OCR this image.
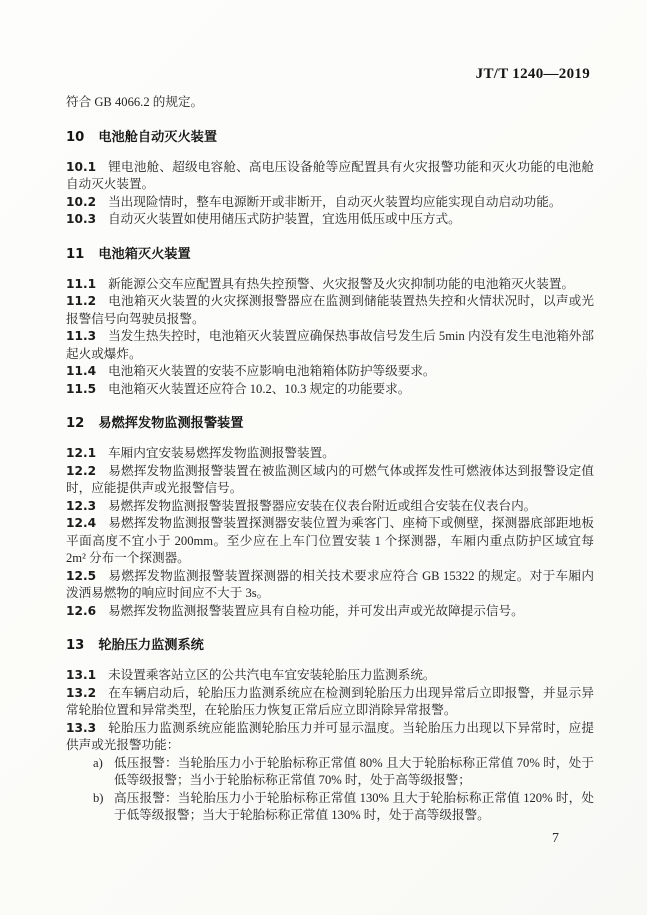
JT/T 1240—2019

符合 GB 4066.2 的规定。

10 电池舱自动灭火装置

10.1 锂电池舱、超级电容舱、高电压设备舱等应配置具有火灾报警功能和灭火功能的电池舱自动灭火装置。

10.2 当出现险情时，整车电源断开或非断开，自动灭火装置均应能实现自动启动功能。

10.3 自动灭火装置如使用储压式防护装置，宜选用低压或中压方式。

11 电池箱灭火装置

11.1 新能源公交车应配置具有热失控预警、火灾报警及火灾抑制功能的电池箱灭火装置。

11.2 电池箱灭火装置的火灾探测报警器应在监测到储能装置热失控和火情状况时，以声或光报警信号向驾驶员报警。

11.3 当发生热失控时，电池箱灭火装置应确保热事故信号发生后 5min 内没有发生电池箱外部起火或爆炸。

11.4 电池箱灭火装置的安装不应影响电池箱箱体防护等级要求。

11.5 电池箱灭火装置还应符合 10.2、10.3 规定的功能要求。

12 易燃挥发物监测报警装置

12.1 车厢内宜安装易燃挥发物监测报警装置。

12.2 易燃挥发物监测报警装置在被监测区域内的可燃气体或挥发性可燃液体达到报警设定值时，应能提供声或光报警信号。

12.3 易燃挥发物监测报警装置报警器应安装在仪表台附近或组合安装在仪表台内。

12.4 易燃挥发物监测报警装置探测器安装位置为乘客门、座椅下或侧壁，探测器底部距地板平面高度不宜小于 200mm。至少应在上车门位置安装 1 个探测器，车厢内重点防护区域宜每 2m² 分布一个探测器。

12.5 易燃挥发物监测报警装置探测器的相关技术要求应符合 GB 15322 的规定。对于车厢内泼洒易燃物的响应时间应不大于 3s。

12.6 易燃挥发物监测报警装置应具有自检功能，并可发出声或光故障提示信号。

13 轮胎压力监测系统

13.1 未设置乘客站立区的公共汽电车宜安装轮胎压力监测系统。

13.2 在车辆启动后，轮胎压力监测系统应在检测到轮胎压力出现异常后立即报警，并显示异常轮胎位置和异常类型，在轮胎压力恢复正常后应立即消除异常报警。

13.3 轮胎压力监测系统应能监测轮胎压力并可显示温度。当轮胎压力出现以下异常时，应提供声或光报警功能：

a) 低压报警：当轮胎压力小于轮胎标称正常值 80% 且大于轮胎标称正常值 70% 时，处于低等级报警；当小于轮胎标称正常值 70% 时，处于高等级报警；
b) 高压报警：当轮胎压力小于轮胎标称正常值 130% 且大于轮胎标称正常值 120% 时，处于低等级报警；当大于轮胎标称正常值 130% 时，处于高等级报警。
7
